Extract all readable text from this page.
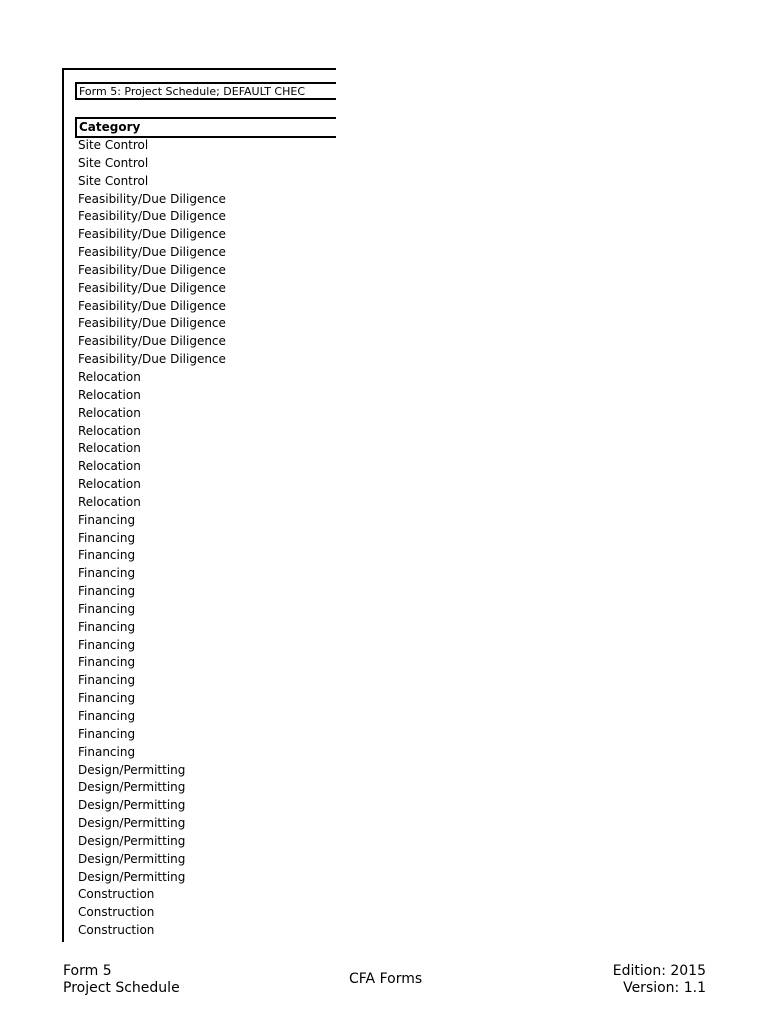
Form 5: Project Schedule; DEFAULT CHEC
Category
Site Control
Site Control
Site Control
Feasibility/Due Diligence
Feasibility/Due Diligence
Feasibility/Due Diligence
Feasibility/Due Diligence
Feasibility/Due Diligence
Feasibility/Due Diligence
Feasibility/Due Diligence
Feasibility/Due Diligence
Feasibility/Due Diligence
Feasibility/Due Diligence
Relocation
Relocation
Relocation
Relocation
Relocation
Relocation
Relocation
Relocation
Financing
Financing
Financing
Financing
Financing
Financing
Financing
Financing
Financing
Financing
Financing
Financing
Financing
Financing
Design/Permitting
Design/Permitting
Design/Permitting
Design/Permitting
Design/Permitting
Design/Permitting
Design/Permitting
Construction
Construction
Construction
Form 5
Project Schedule
CFA Forms	Edition: 2015
Version: 1.1
